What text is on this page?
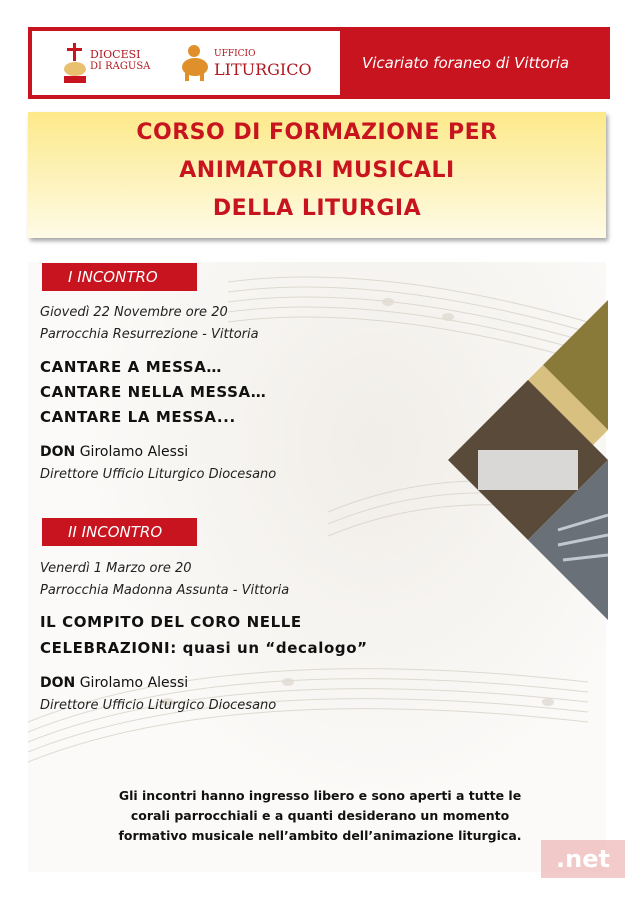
DIOCESI
DI RAGUSA
UFFICIO
LITURGICO	Vicariato foraneo di Vittoria
CORSO DI FORMAZIONE PER
ANIMATORI MUSICALI
DELLA LITURGIA
I INCONTRO
Giovedì 22 Novembre ore 20
Parrocchia Resurrezione - Vittoria
CANTARE A MESSA…
CANTARE NELLA MESSA…
CANTARE LA MESSA...
DON Girolamo Alessi
Direttore Ufficio Liturgico Diocesano
II INCONTRO
Venerdì 1 Marzo ore 20
Parrocchia Madonna Assunta - Vittoria
IL COMPITO DEL CORO NELLE
CELEBRAZIONI: quasi un “decalogo”
DON Girolamo Alessi
Direttore Ufficio Liturgico Diocesano
Gli incontri hanno ingresso libero e sono aperti a tutte le
corali parrocchiali e a quanti desiderano un momento
formativo musicale nell’ambito dell’animazione liturgica.
.net
